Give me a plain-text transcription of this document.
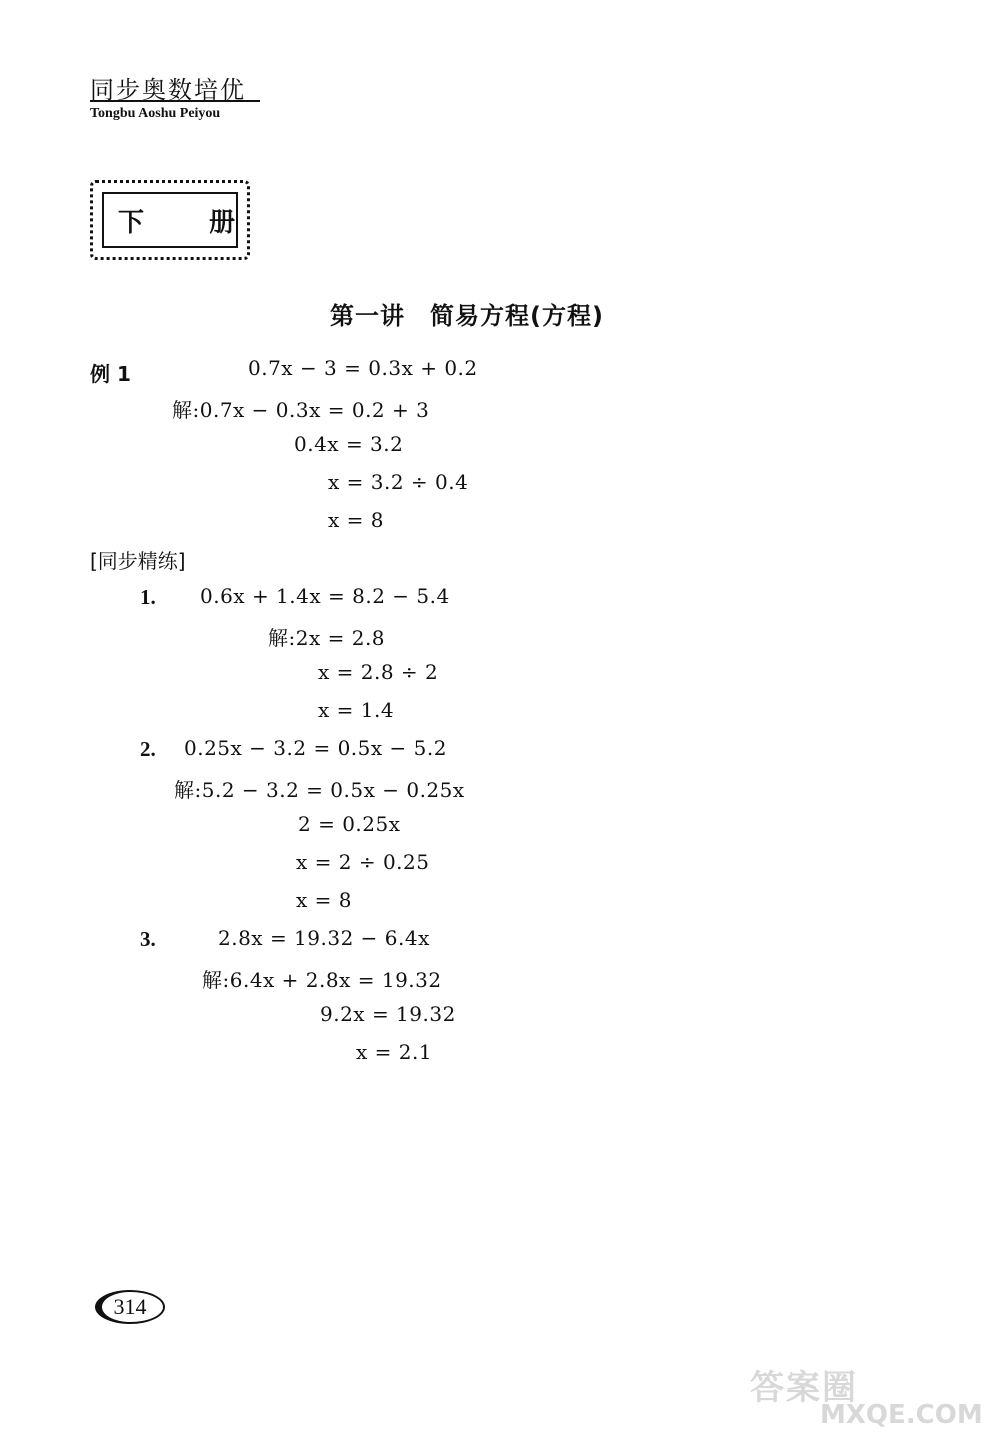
同步奥数培优
Tongbu Aoshu Peiyou
下 册
第一讲　简易方程(方程)
例 1	0.7x − 3 = 0.3x + 0.2
解:0.7x − 0.3x = 0.2 + 3
0.4x = 3.2
x = 3.2 ÷ 0.4
x = 8
[同步精练]
1. 0.6x + 1.4x = 8.2 − 5.4
解:2x = 2.8
x = 2.8 ÷ 2
x = 1.4
2. 0.25x − 3.2 = 0.5x − 5.2
解:5.2 − 3.2 = 0.5x − 0.25x
2 = 0.25x
x = 2 ÷ 0.25
x = 8
3.	2.8x = 19.32 − 6.4x
解:6.4x + 2.8x = 19.32
9.2x = 19.32
x = 2.1
314
答案圈
MXQE.COM
